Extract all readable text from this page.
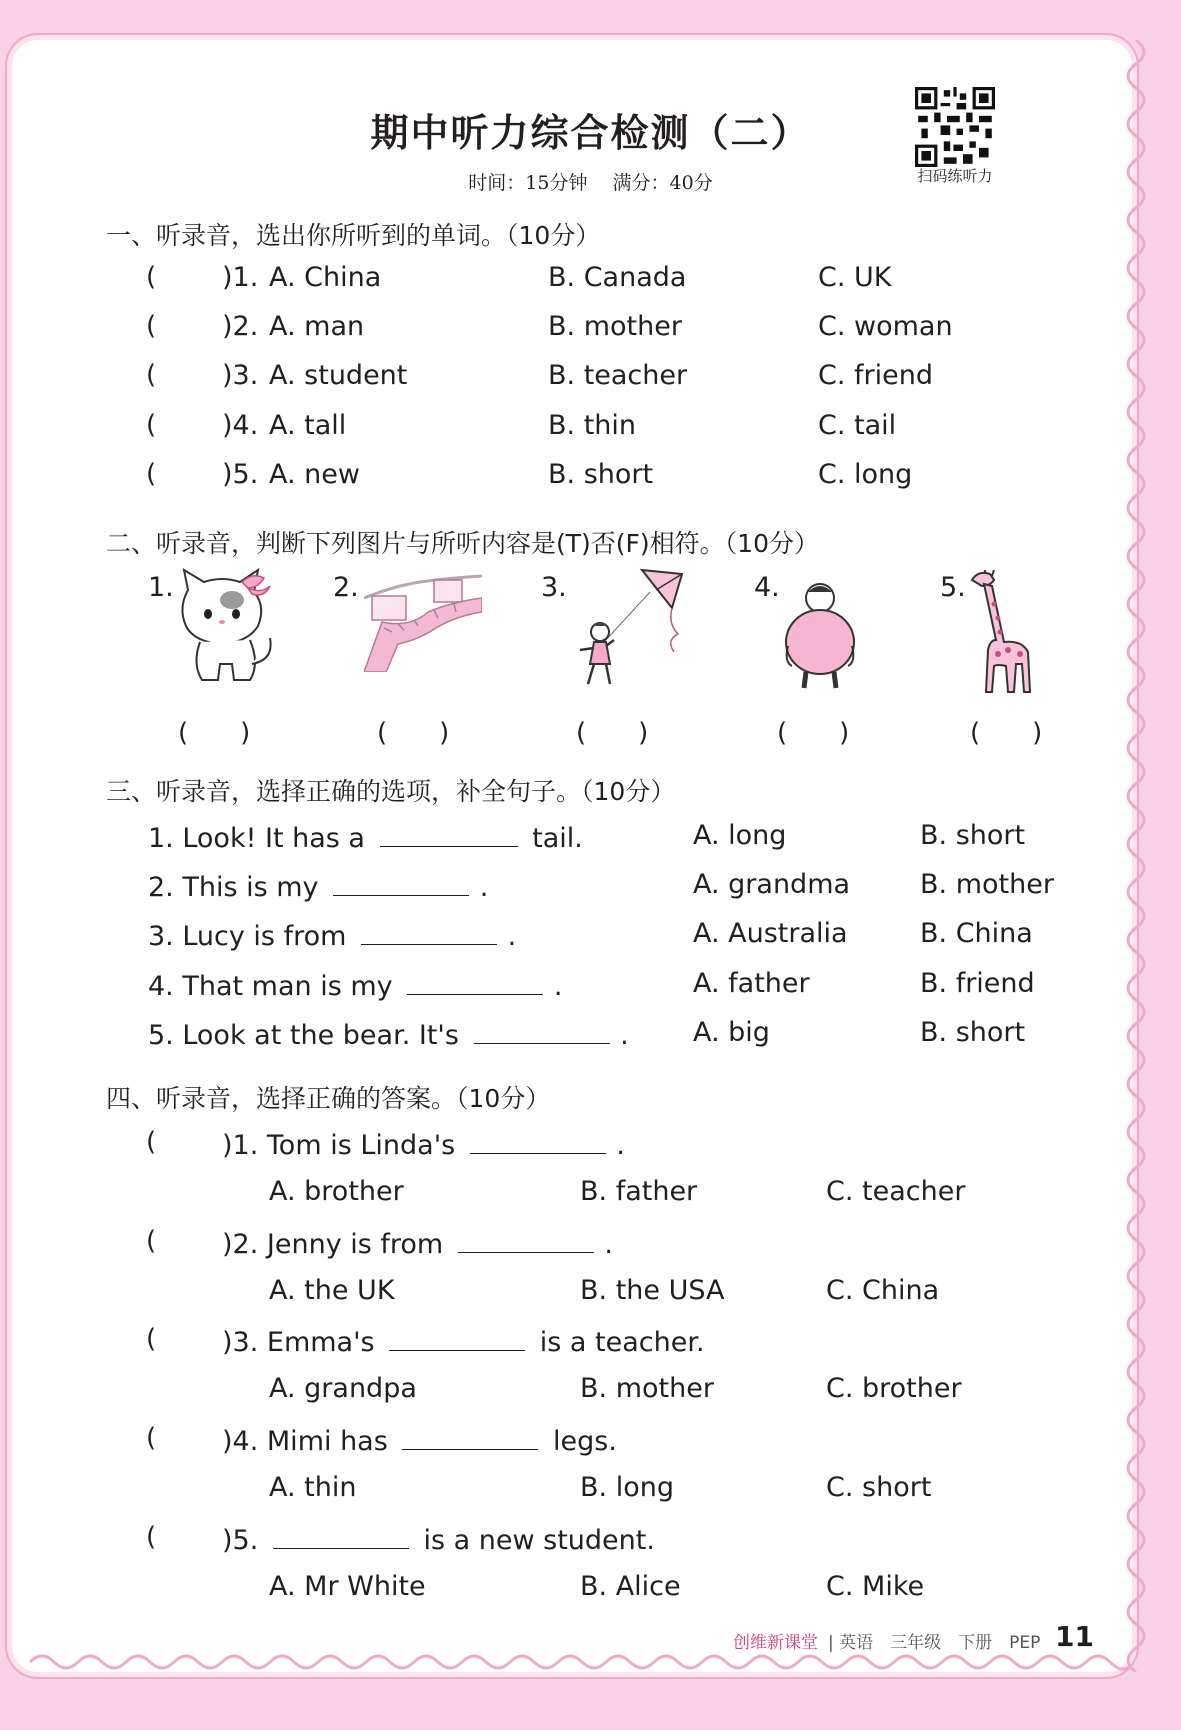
期中听力综合检测（二）
时间：15分钟　 满分：40分	扫码练听力
一、听录音，选出你所听到的单词。（10分）
( )1. A. China	B. Canada	C. UK
( )2. A. man	B. mother	C. woman
( )3. A. student	B. teacher	C. friend
( )4. A. tall	B. thin	C. tail
( )5. A. new	B. short	C. long
二、听录音，判断下列图片与所听内容是(T)否(F)相符。（10分）
1.	2.	3.	4.	5.
(　　)	(　　)	(　　)	(　　)	(　　)
三、听录音，选择正确的选项，补全句子。（10分）
1. Look! It has a	tail.	A. long	B. short
2. This is my	.	A. grandma	B. mother
3. Lucy is from	.	A. Australia	B. China
4. That man is my	.	A. father	B. friend
5. Look at the bear. It's	. A. big	B. short
四、听录音，选择正确的答案。（10分）
( )1. Tom is Linda's	.
A. brother	B. father	C. teacher
( )2. Jenny is from	.
A. the UK	B. the USA	C. China
( )3. Emma's	is a teacher.
A. grandpa	B. mother	C. brother
( )4. Mimi has	legs.
A. thin	B. long	C. short
( )5.	is a new student.
A. Mr White	B. Alice	C. Mike
创维新课堂 | 英语　三年级　下册　PEP 11
